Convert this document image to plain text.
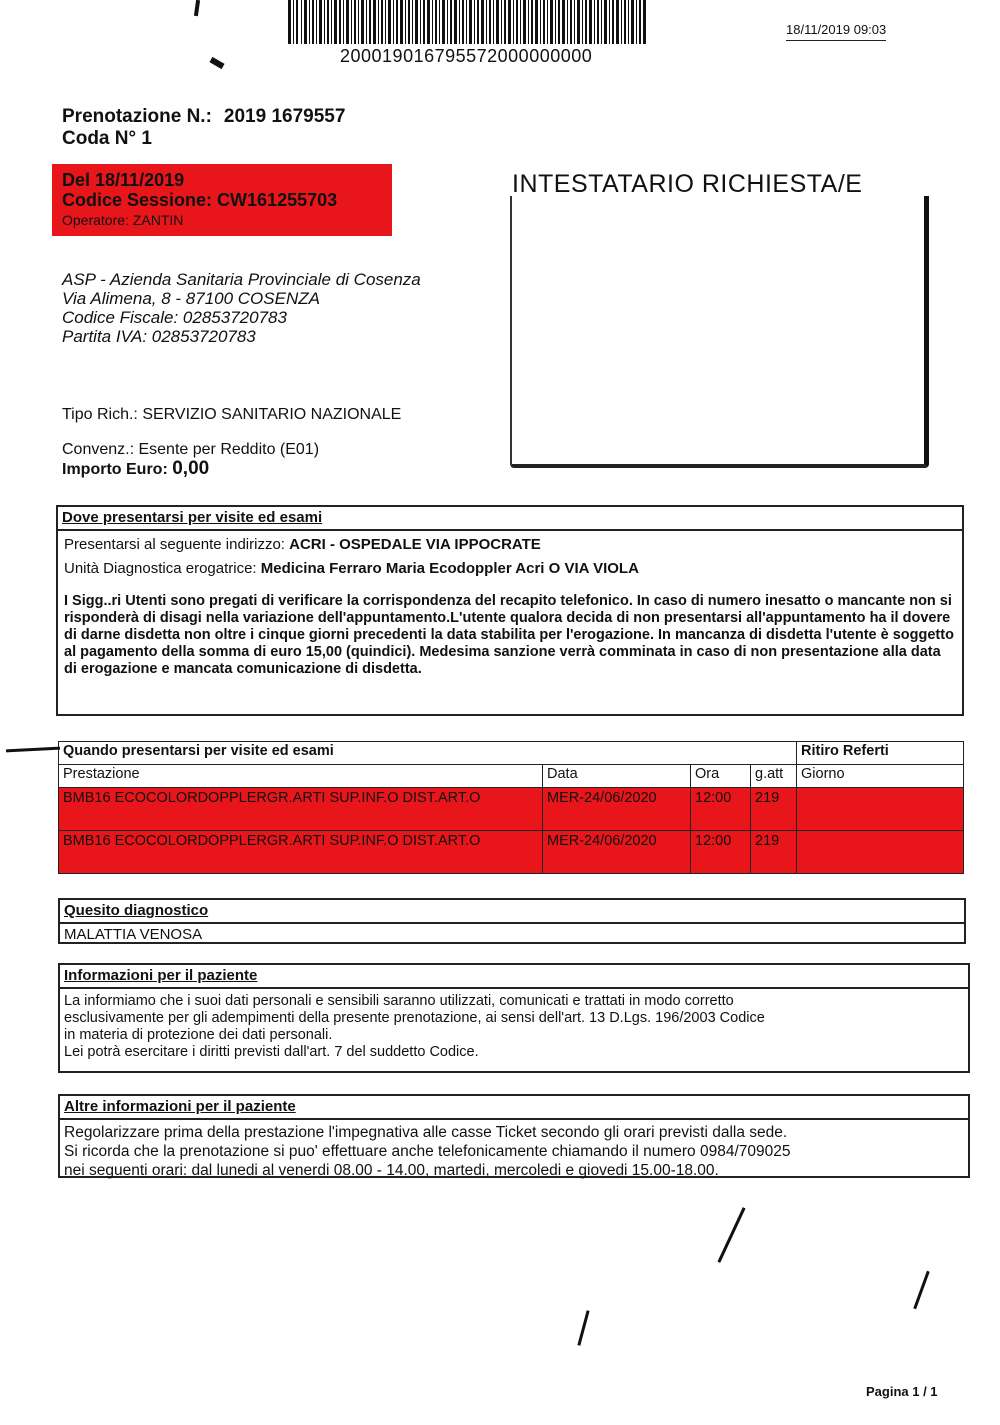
200019016795572000000000
18/11/2019 09:03
Prenotazione N.: 2019 1679557
Coda N° 1
Del 18/11/2019
Codice Sessione: CW161255703
Operatore: ZANTIN
INTESTATARIO RICHIESTA/E
ASP - Azienda Sanitaria Provinciale di Cosenza
Via Alimena, 8 - 87100 COSENZA
Codice Fiscale: 02853720783
Partita IVA: 02853720783
Tipo Rich.: SERVIZIO SANITARIO NAZIONALE
Convenz.: Esente per Reddito (E01)
Importo Euro: 0,00
Dove presentarsi per visite ed esami
Presentarsi al seguente indirizzo: ACRI - OSPEDALE VIA IPPOCRATE
Unità Diagnostica erogatrice: Medicina Ferraro Maria Ecodoppler Acri O VIA VIOLA
I Sigg..ri Utenti sono pregati di verificare la corrispondenza del recapito telefonico. In caso di numero inesatto o mancante non si risponderà di disagi nella variazione dell'appuntamento.L'utente qualora decida di non presentarsi all'appuntamento ha il dovere di darne disdetta non oltre i cinque giorni precedenti la data stabilita per l'erogazione. In mancanza di disdetta l'utente è soggetto al pagamento della somma di euro 15,00 (quindici). Medesima sanzione verrà comminata in caso di non presentazione alla data di erogazione e mancata comunicazione di disdetta.
Quando presentarsi per visite ed esami				Ritiro Referti
Prestazione	Data	Ora	g.att	Giorno
BMB16 ECOCOLORDOPPLERGR.ARTI SUP.INF.O DIST.ART.O	MER-24/06/2020	12:00	219	
BMB16 ECOCOLORDOPPLERGR.ARTI SUP.INF.O DIST.ART.O	MER-24/06/2020	12:00	219	
Quesito diagnostico
MALATTIA VENOSA
Informazioni per il paziente
La informiamo che i suoi dati personali e sensibili saranno utilizzati, comunicati e trattati in modo corretto
esclusivamente per gli adempimenti della presente prenotazione, ai sensi dell'art. 13 D.Lgs. 196/2003 Codice
in materia di protezione dei dati personali.
Lei potrà esercitare i diritti previsti dall'art. 7 del suddetto Codice.
Altre informazioni per il paziente
Regolarizzare prima della prestazione l'impegnativa alle casse Ticket secondo gli orari previsti dalla sede.
Si ricorda che la prenotazione si puo' effettuare anche telefonicamente chiamando il numero 0984/709025
nei seguenti orari: dal lunedi al venerdi 08.00 - 14.00, martedi, mercoledi e giovedi 15.00-18.00.
Pagina 1 / 1
